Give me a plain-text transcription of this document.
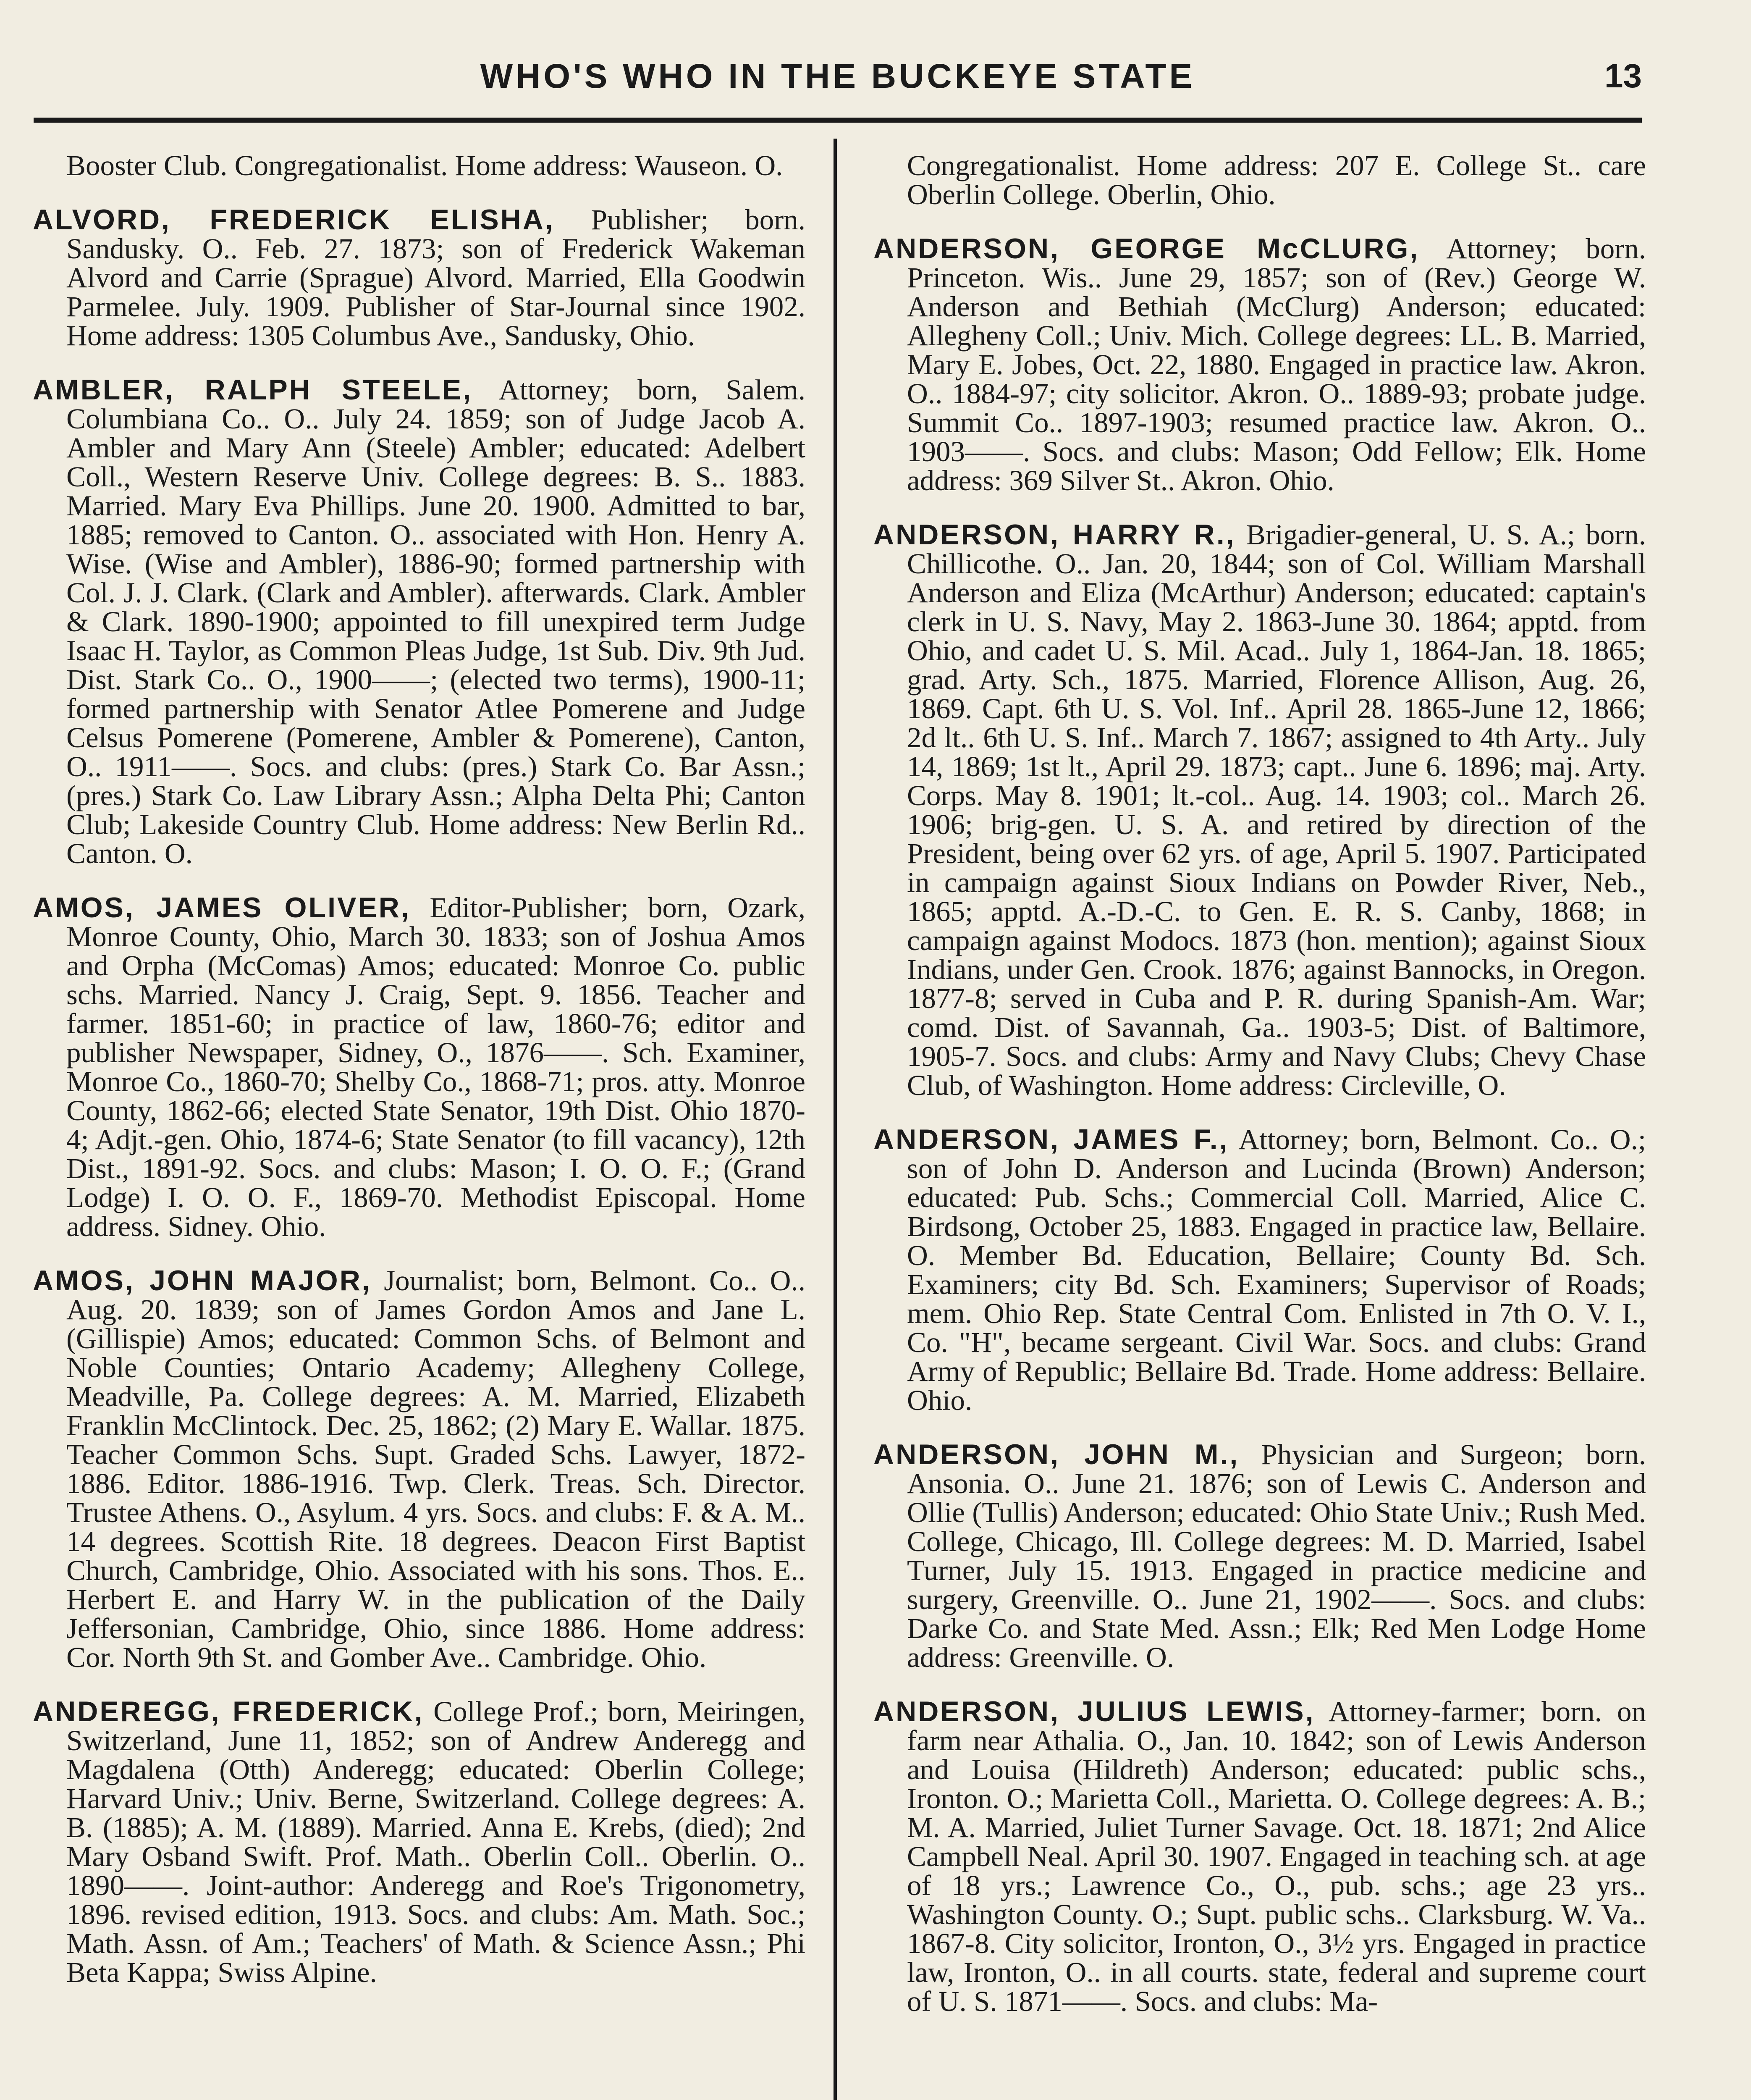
WHO'S WHO IN THE BUCKEYE STATE	13

Booster Club. Congregationalist. Home address: Wauseon. O.

ALVORD, FREDERICK ELISHA, Publisher; born. Sandusky. O.. Feb. 27. 1873; son of Frederick Wakeman Alvord and Carrie (Sprague) Alvord. Married, Ella Goodwin Parmelee. July. 1909. Publisher of Star-Journal since 1902. Home address: 1305 Columbus Ave., Sandusky, Ohio.

AMBLER, RALPH STEELE, Attorney; born, Salem. Columbiana Co.. O.. July 24. 1859; son of Judge Jacob A. Ambler and Mary Ann (Steele) Ambler; educated: Adelbert Coll., Western Reserve Univ. College degrees: B. S.. 1883. Married. Mary Eva Phillips. June 20. 1900. Admitted to bar, 1885; removed to Canton. O.. associated with Hon. Henry A. Wise. (Wise and Ambler), 1886-90; formed partnership with Col. J. J. Clark. (Clark and Ambler). afterwards. Clark. Ambler & Clark. 1890-1900; appointed to fill unexpired term Judge Isaac H. Taylor, as Common Pleas Judge, 1st Sub. Div. 9th Jud. Dist. Stark Co.. O., 1900——; (elected two terms), 1900-11; formed partnership with Senator Atlee Pomerene and Judge Celsus Pomerene (Pomerene, Ambler & Pomerene), Canton, O.. 1911——. Socs. and clubs: (pres.) Stark Co. Bar Assn.; (pres.) Stark Co. Law Library Assn.; Alpha Delta Phi; Canton Club; Lakeside Country Club. Home address: New Berlin Rd.. Canton. O.

AMOS, JAMES OLIVER, Editor-Publisher; born, Ozark, Monroe County, Ohio, March 30. 1833; son of Joshua Amos and Orpha (McComas) Amos; educated: Monroe Co. public schs. Married. Nancy J. Craig, Sept. 9. 1856. Teacher and farmer. 1851-60; in practice of law, 1860-76; editor and publisher Newspaper, Sidney, O., 1876——. Sch. Examiner, Monroe Co., 1860-70; Shelby Co., 1868-71; pros. atty. Monroe County, 1862-66; elected State Senator, 19th Dist. Ohio 1870-4; Adjt.-gen. Ohio, 1874-6; State Senator (to fill vacancy), 12th Dist., 1891-92. Socs. and clubs: Mason; I. O. O. F.; (Grand Lodge) I. O. O. F., 1869-70. Methodist Episcopal. Home address. Sidney. Ohio.

AMOS, JOHN MAJOR, Journalist; born, Belmont. Co.. O.. Aug. 20. 1839; son of James Gordon Amos and Jane L. (Gillispie) Amos; educated: Common Schs. of Belmont and Noble Counties; Ontario Academy; Allegheny College, Meadville, Pa. College degrees: A. M. Married, Elizabeth Franklin McClintock. Dec. 25, 1862; (2) Mary E. Wallar. 1875. Teacher Common Schs. Supt. Graded Schs. Lawyer, 1872-1886. Editor. 1886-1916. Twp. Clerk. Treas. Sch. Director. Trustee Athens. O., Asylum. 4 yrs. Socs. and clubs: F. & A. M.. 14 degrees. Scottish Rite. 18 degrees. Deacon First Baptist Church, Cambridge, Ohio. Associated with his sons. Thos. E.. Herbert E. and Harry W. in the publication of the Daily Jeffersonian, Cambridge, Ohio, since 1886. Home address: Cor. North 9th St. and Gomber Ave.. Cambridge. Ohio.

ANDEREGG, FREDERICK, College Prof.; born, Meiringen, Switzerland, June 11, 1852; son of Andrew Anderegg and Magdalena (Otth) Anderegg; educated: Oberlin College; Harvard Univ.; Univ. Berne, Switzerland. College degrees: A. B. (1885); A. M. (1889). Married. Anna E. Krebs, (died); 2nd Mary Osband Swift. Prof. Math.. Oberlin Coll.. Oberlin. O.. 1890——. Joint-author: Anderegg and Roe's Trigonometry, 1896. revised edition, 1913. Socs. and clubs: Am. Math. Soc.; Math. Assn. of Am.; Teachers' of Math. & Science Assn.; Phi Beta Kappa; Swiss Alpine.

Congregationalist. Home address: 207 E. College St.. care Oberlin College. Oberlin, Ohio.

ANDERSON, GEORGE McCLURG, Attorney; born. Princeton. Wis.. June 29, 1857; son of (Rev.) George W. Anderson and Bethiah (McClurg) Anderson; educated: Allegheny Coll.; Univ. Mich. College degrees: LL. B. Married, Mary E. Jobes, Oct. 22, 1880. Engaged in practice law. Akron. O.. 1884-97; city solicitor. Akron. O.. 1889-93; probate judge. Summit Co.. 1897-1903; resumed practice law. Akron. O.. 1903——. Socs. and clubs: Mason; Odd Fellow; Elk. Home address: 369 Silver St.. Akron. Ohio.

ANDERSON, HARRY R., Brigadier-general, U. S. A.; born. Chillicothe. O.. Jan. 20, 1844; son of Col. William Marshall Anderson and Eliza (McArthur) Anderson; educated: captain's clerk in U. S. Navy, May 2. 1863-June 30. 1864; apptd. from Ohio, and cadet U. S. Mil. Acad.. July 1, 1864-Jan. 18. 1865; grad. Arty. Sch., 1875. Married, Florence Allison, Aug. 26, 1869. Capt. 6th U. S. Vol. Inf.. April 28. 1865-June 12, 1866; 2d lt.. 6th U. S. Inf.. March 7. 1867; assigned to 4th Arty.. July 14, 1869; 1st lt., April 29. 1873; capt.. June 6. 1896; maj. Arty. Corps. May 8. 1901; lt.-col.. Aug. 14. 1903; col.. March 26. 1906; brig-gen. U. S. A. and retired by direction of the President, being over 62 yrs. of age, April 5. 1907. Participated in campaign against Sioux Indians on Powder River, Neb., 1865; apptd. A.-D.-C. to Gen. E. R. S. Canby, 1868; in campaign against Modocs. 1873 (hon. mention); against Sioux Indians, under Gen. Crook. 1876; against Bannocks, in Oregon. 1877-8; served in Cuba and P. R. during Spanish-Am. War; comd. Dist. of Savannah, Ga.. 1903-5; Dist. of Baltimore, 1905-7. Socs. and clubs: Army and Navy Clubs; Chevy Chase Club, of Washington. Home address: Circleville, O.

ANDERSON, JAMES F., Attorney; born, Belmont. Co.. O.; son of John D. Anderson and Lucinda (Brown) Anderson; educated: Pub. Schs.; Commercial Coll. Married, Alice C. Birdsong, October 25, 1883. Engaged in practice law, Bellaire. O. Member Bd. Education, Bellaire; County Bd. Sch. Examiners; city Bd. Sch. Examiners; Supervisor of Roads; mem. Ohio Rep. State Central Com. Enlisted in 7th O. V. I., Co. "H", became sergeant. Civil War. Socs. and clubs: Grand Army of Republic; Bellaire Bd. Trade. Home address: Bellaire. Ohio.

ANDERSON, JOHN M., Physician and Surgeon; born. Ansonia. O.. June 21. 1876; son of Lewis C. Anderson and Ollie (Tullis) Anderson; educated: Ohio State Univ.; Rush Med. College, Chicago, Ill. College degrees: M. D. Married, Isabel Turner, July 15. 1913. Engaged in practice medicine and surgery, Greenville. O.. June 21, 1902——. Socs. and clubs: Darke Co. and State Med. Assn.; Elk; Red Men Lodge Home address: Greenville. O.

ANDERSON, JULIUS LEWIS, Attorney-farmer; born. on farm near Athalia. O., Jan. 10. 1842; son of Lewis Anderson and Louisa (Hildreth) Anderson; educated: public schs., Ironton. O.; Marietta Coll., Marietta. O. College degrees: A. B.; M. A. Married, Juliet Turner Savage. Oct. 18. 1871; 2nd Alice Campbell Neal. April 30. 1907. Engaged in teaching sch. at age of 18 yrs.; Lawrence Co., O., pub. schs.; age 23 yrs.. Washington County. O.; Supt. public schs.. Clarksburg. W. Va.. 1867-8. City solicitor, Ironton, O., 3½ yrs. Engaged in practice law, Ironton, O.. in all courts. state, federal and supreme court of U. S. 1871——. Socs. and clubs: Ma-
